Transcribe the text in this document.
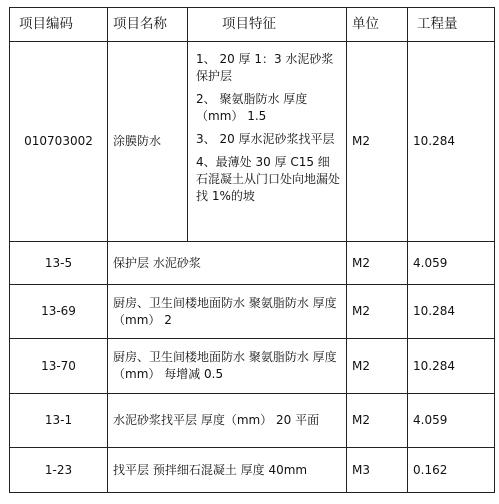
项目编码	项目名称	项目特征	单位	工程量
010703002	涂膜防水	1、 20 厚 1：3 水泥砂浆保护层
2、 聚氨脂防水 厚度（mm） 1.5
3、 20 厚水泥砂浆找平层
4、最薄处 30 厚 C15 细石混凝土从门口处向地漏处找 1%的坡	M2	10.284
13-5	保护层 水泥砂浆		M2	4.059
13-69	厨房、卫生间楼地面防水 聚氨脂防水 厚度（mm） 2		M2	10.284
13-70	厨房、卫生间楼地面防水 聚氨脂防水 厚度（mm） 每增减 0.5		M2	10.284
13-1	水泥砂浆找平层 厚度（mm） 20 平面		M2	4.059
1-23	找平层 预拌细石混凝土 厚度 40mm		M3	0.162
